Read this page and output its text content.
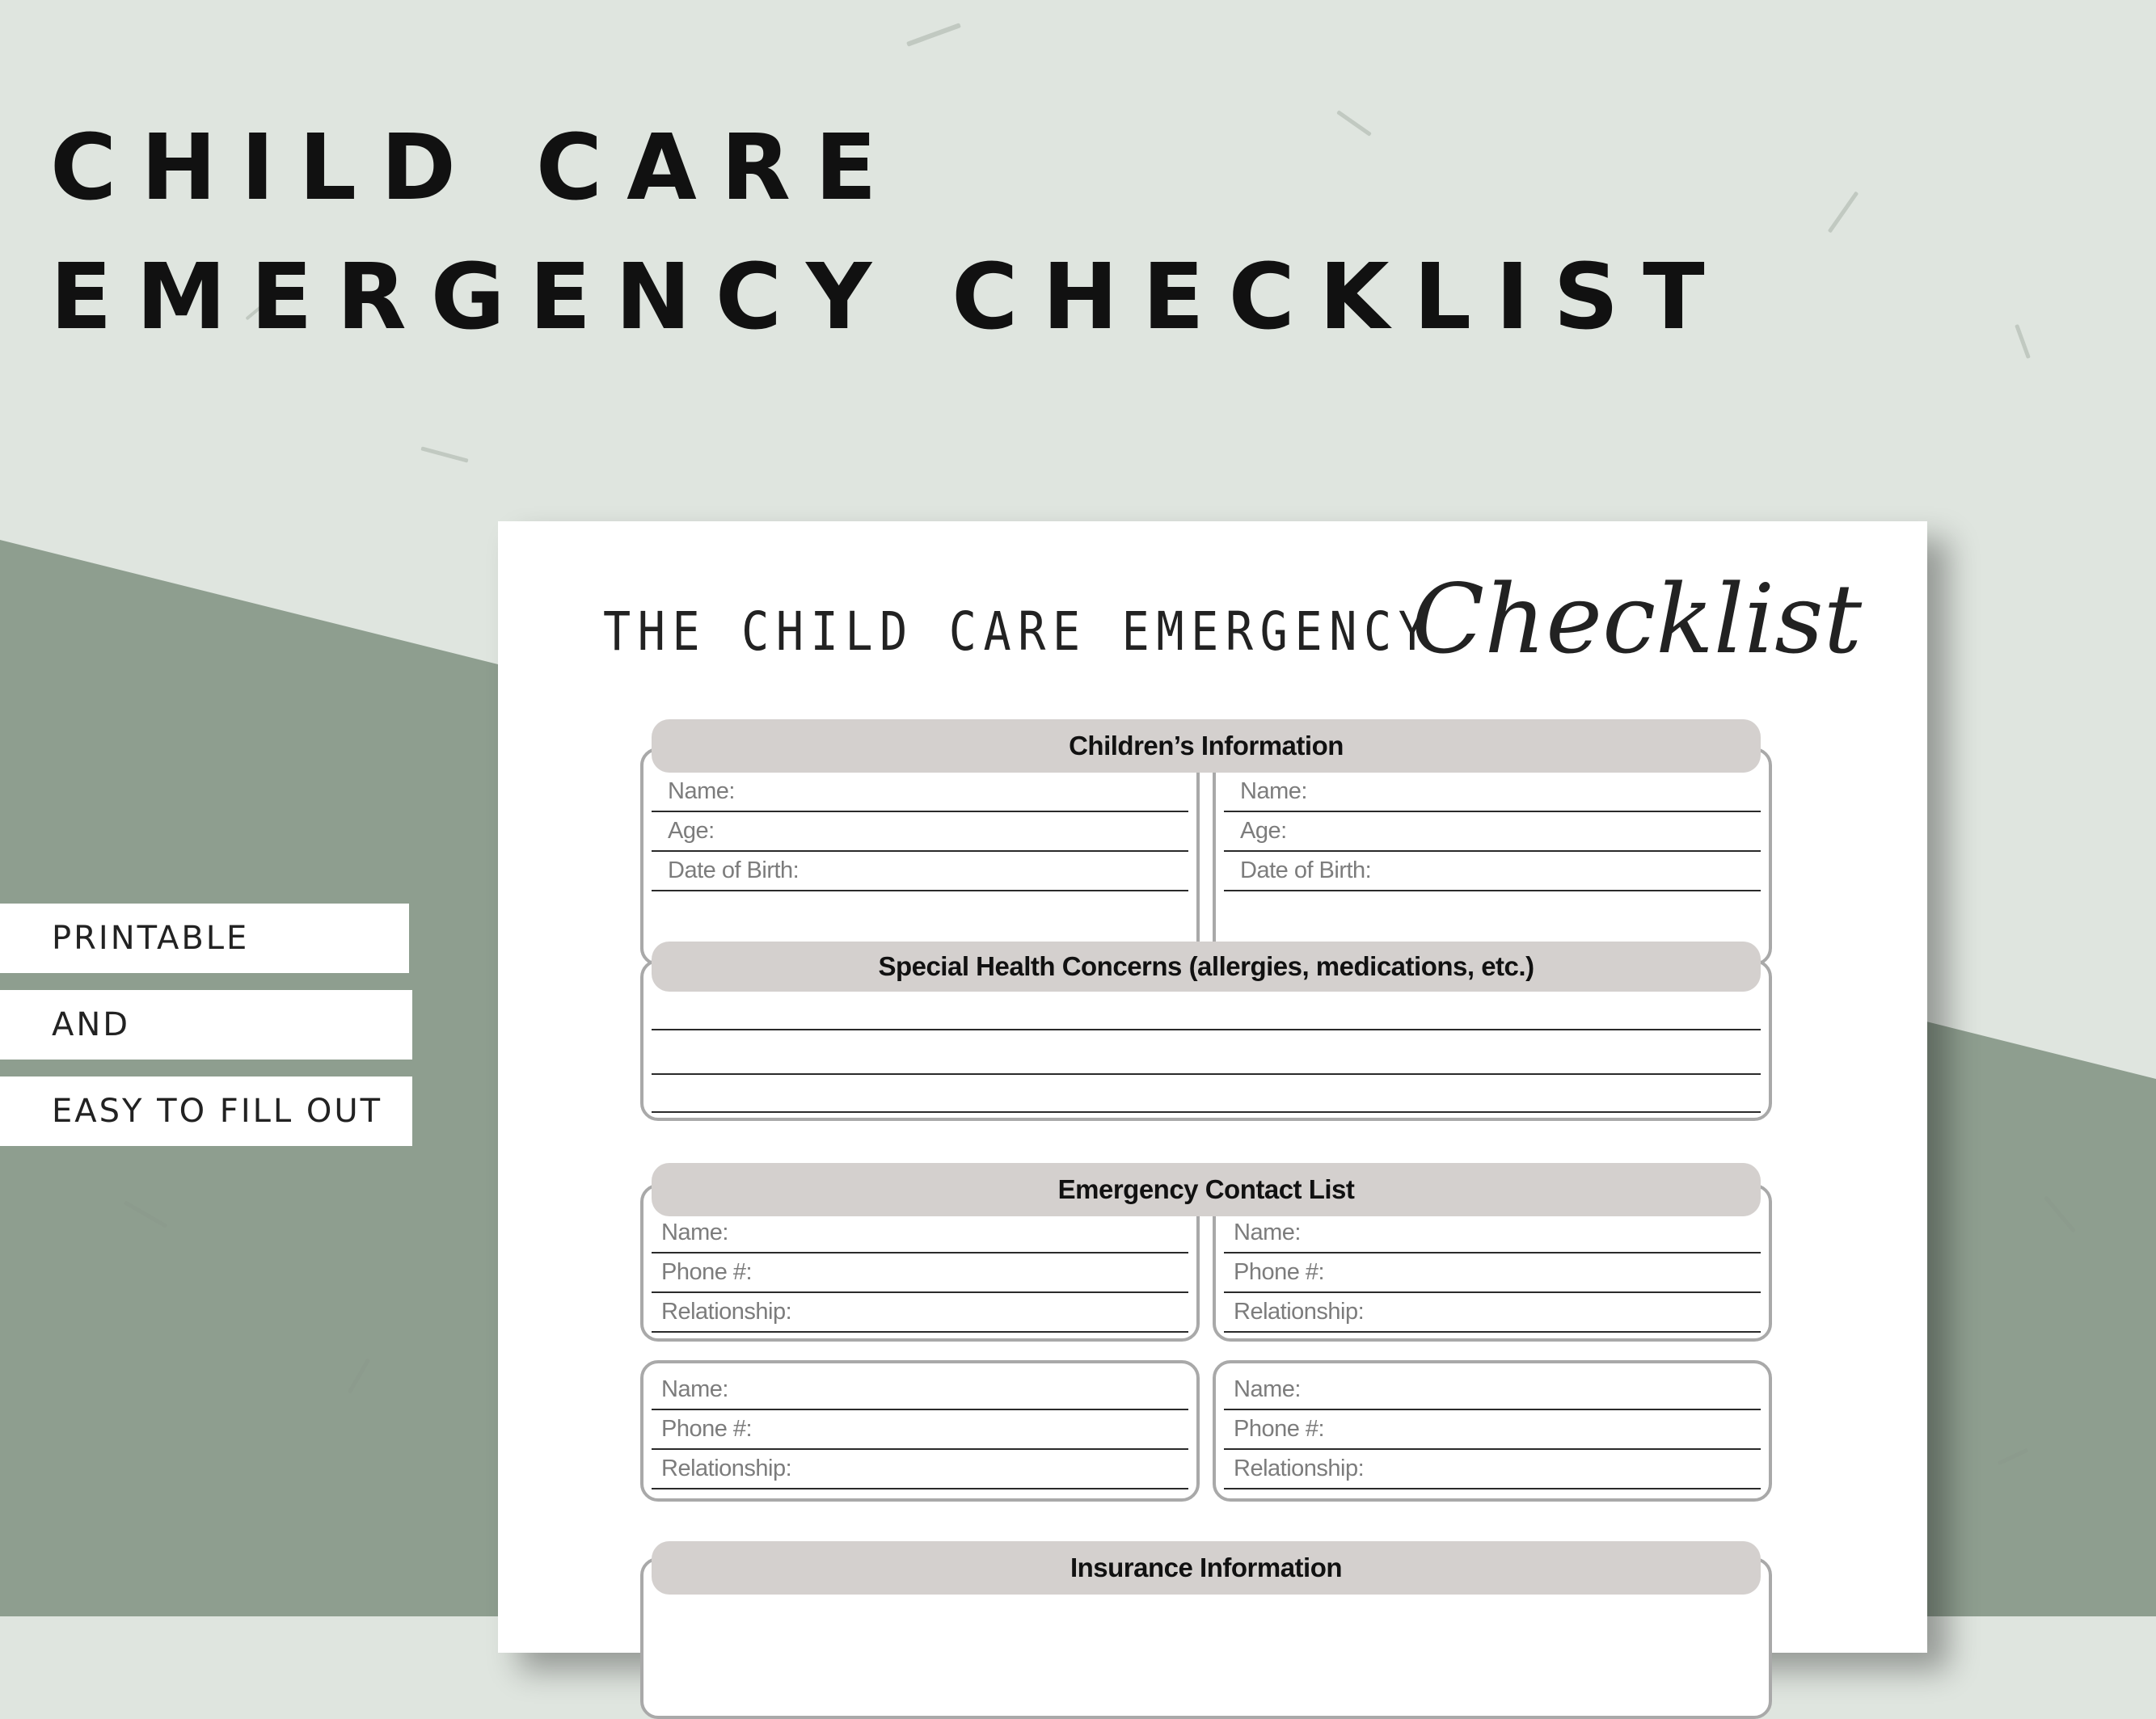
CHILD CARE
EMERGENCY CHECKLIST
PRINTABLE
AND
EASY TO FILL OUT
THE CHILD CARE EMERGENCY
Checklist
Children’s Information
Name:
Age:
Date of Birth:
Name:
Age:
Date of Birth:
Special Health Concerns (allergies, medications, etc.)
Emergency Contact List
Name:
Phone #:
Relationship:
Name:
Phone #:
Relationship:
Name:
Phone #:
Relationship:
Name:
Phone #:
Relationship:
Insurance Information
